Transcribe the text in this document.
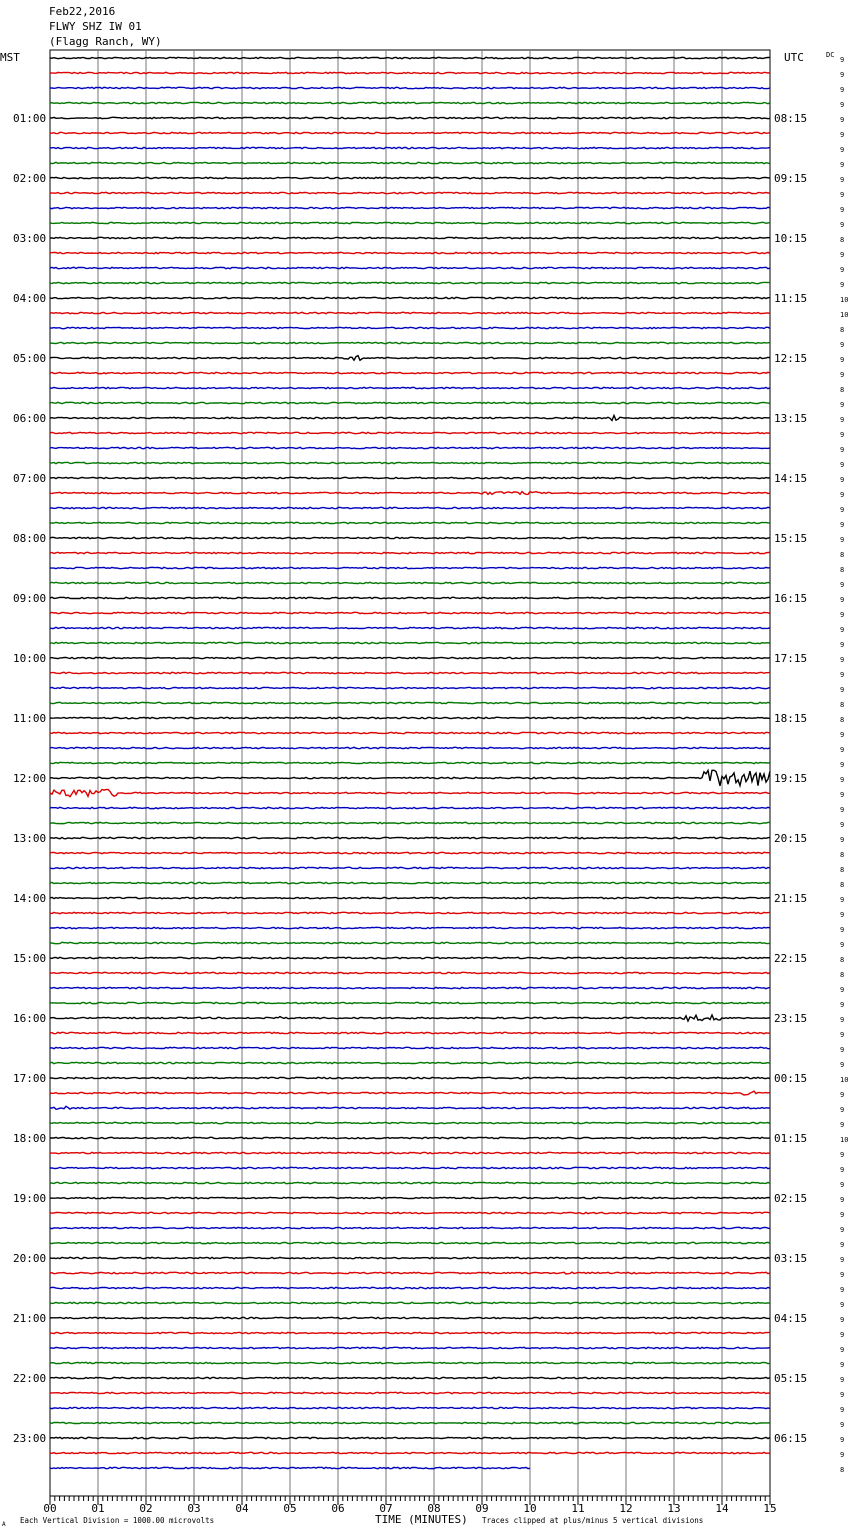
Feb22,2016
FLWY SHZ IW 01
(Flagg Ranch, WY)
9
9
9
9
9
9
9
9
9
9
9
9
8
9
9
9
10
10
8
9
9
9
8
9
9
9
9
9
9
9
9
9
9
8
8
9
9
9
9
9
9
9
9
8
8
9
9
9
9
9
9
9
9
8
8
8
9
9
9
9
8
8
9
9
9
9
9
9
10
9
9
9
10
9
9
9
9
9
9
9
9
9
9
9
9
9
9
9
9
9
9
9
9
9
8
MST	UTC	DC
01:00
02:00
03:00
04:00
05:00
06:00
07:00
08:00
09:00
10:00
11:00
12:00
13:00
14:00
15:00
16:00
17:00
18:00
19:00
20:00
21:00
22:00
23:00
08:15
09:15
10:15
11:15
12:15
13:15
14:15
15:15
16:15
17:15
18:15
19:15
20:15
21:15
22:15
23:15
00:15
01:15
02:15
03:15
04:15
05:15
06:15
00	01	02	03	04	05	06	07	08	09	10	11	12	13	14	15
TIME (MINUTES)
Each Vertical Division = 1000.00 microvolts	Traces clipped at plus/minus 5 vertical divisions
A
